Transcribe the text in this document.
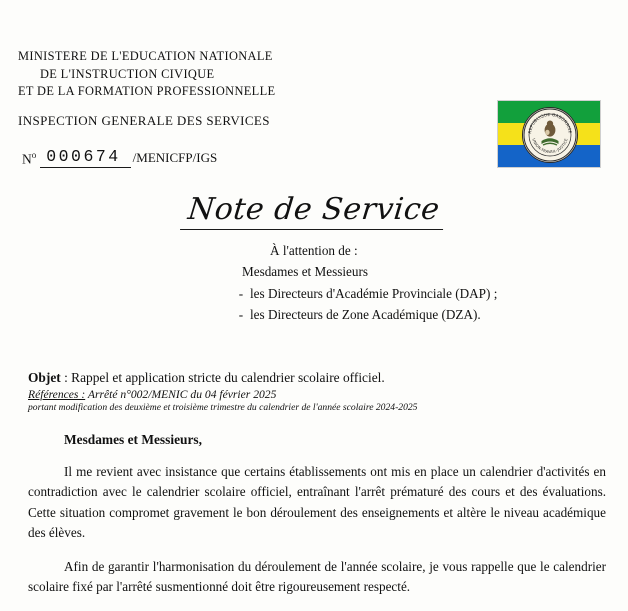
MINISTERE DE L'EDUCATION NATIONALE
DE L'INSTRUCTION CIVIQUE
ET DE LA FORMATION PROFESSIONNELLE
INSPECTION GENERALE DES SERVICES
$N^o$ 000674 /MENICFP/IGS
REPUBLIQUE GABONAISE
UNION-TRAVAIL-JUSTICE
Note de Service
À l'attention de :
Mesdames et Messieurs
- les Directeurs d'Académie Provinciale (DAP) ;
- les Directeurs de Zone Académique (DZA).
Objet : Rappel et application stricte du calendrier scolaire officiel.
Références : Arrêté n°002/MENIC du 04 février 2025
portant modification des deuxième et troisième trimestre du calendrier de l'année scolaire 2024-2025
Mesdames et Messieurs,

Il me revient avec insistance que certains établissements ont mis en place un calendrier d'activités en contradiction avec le calendrier scolaire officiel, entraînant l'arrêt prématuré des cours et des évaluations. Cette situation compromet gravement le bon déroulement des enseignements et altère le niveau académique des élèves.

Afin de garantir l'harmonisation du déroulement de l'année scolaire, je vous rappelle que le calendrier scolaire fixé par l'arrêté susmentionné doit être rigoureusement respecté.
